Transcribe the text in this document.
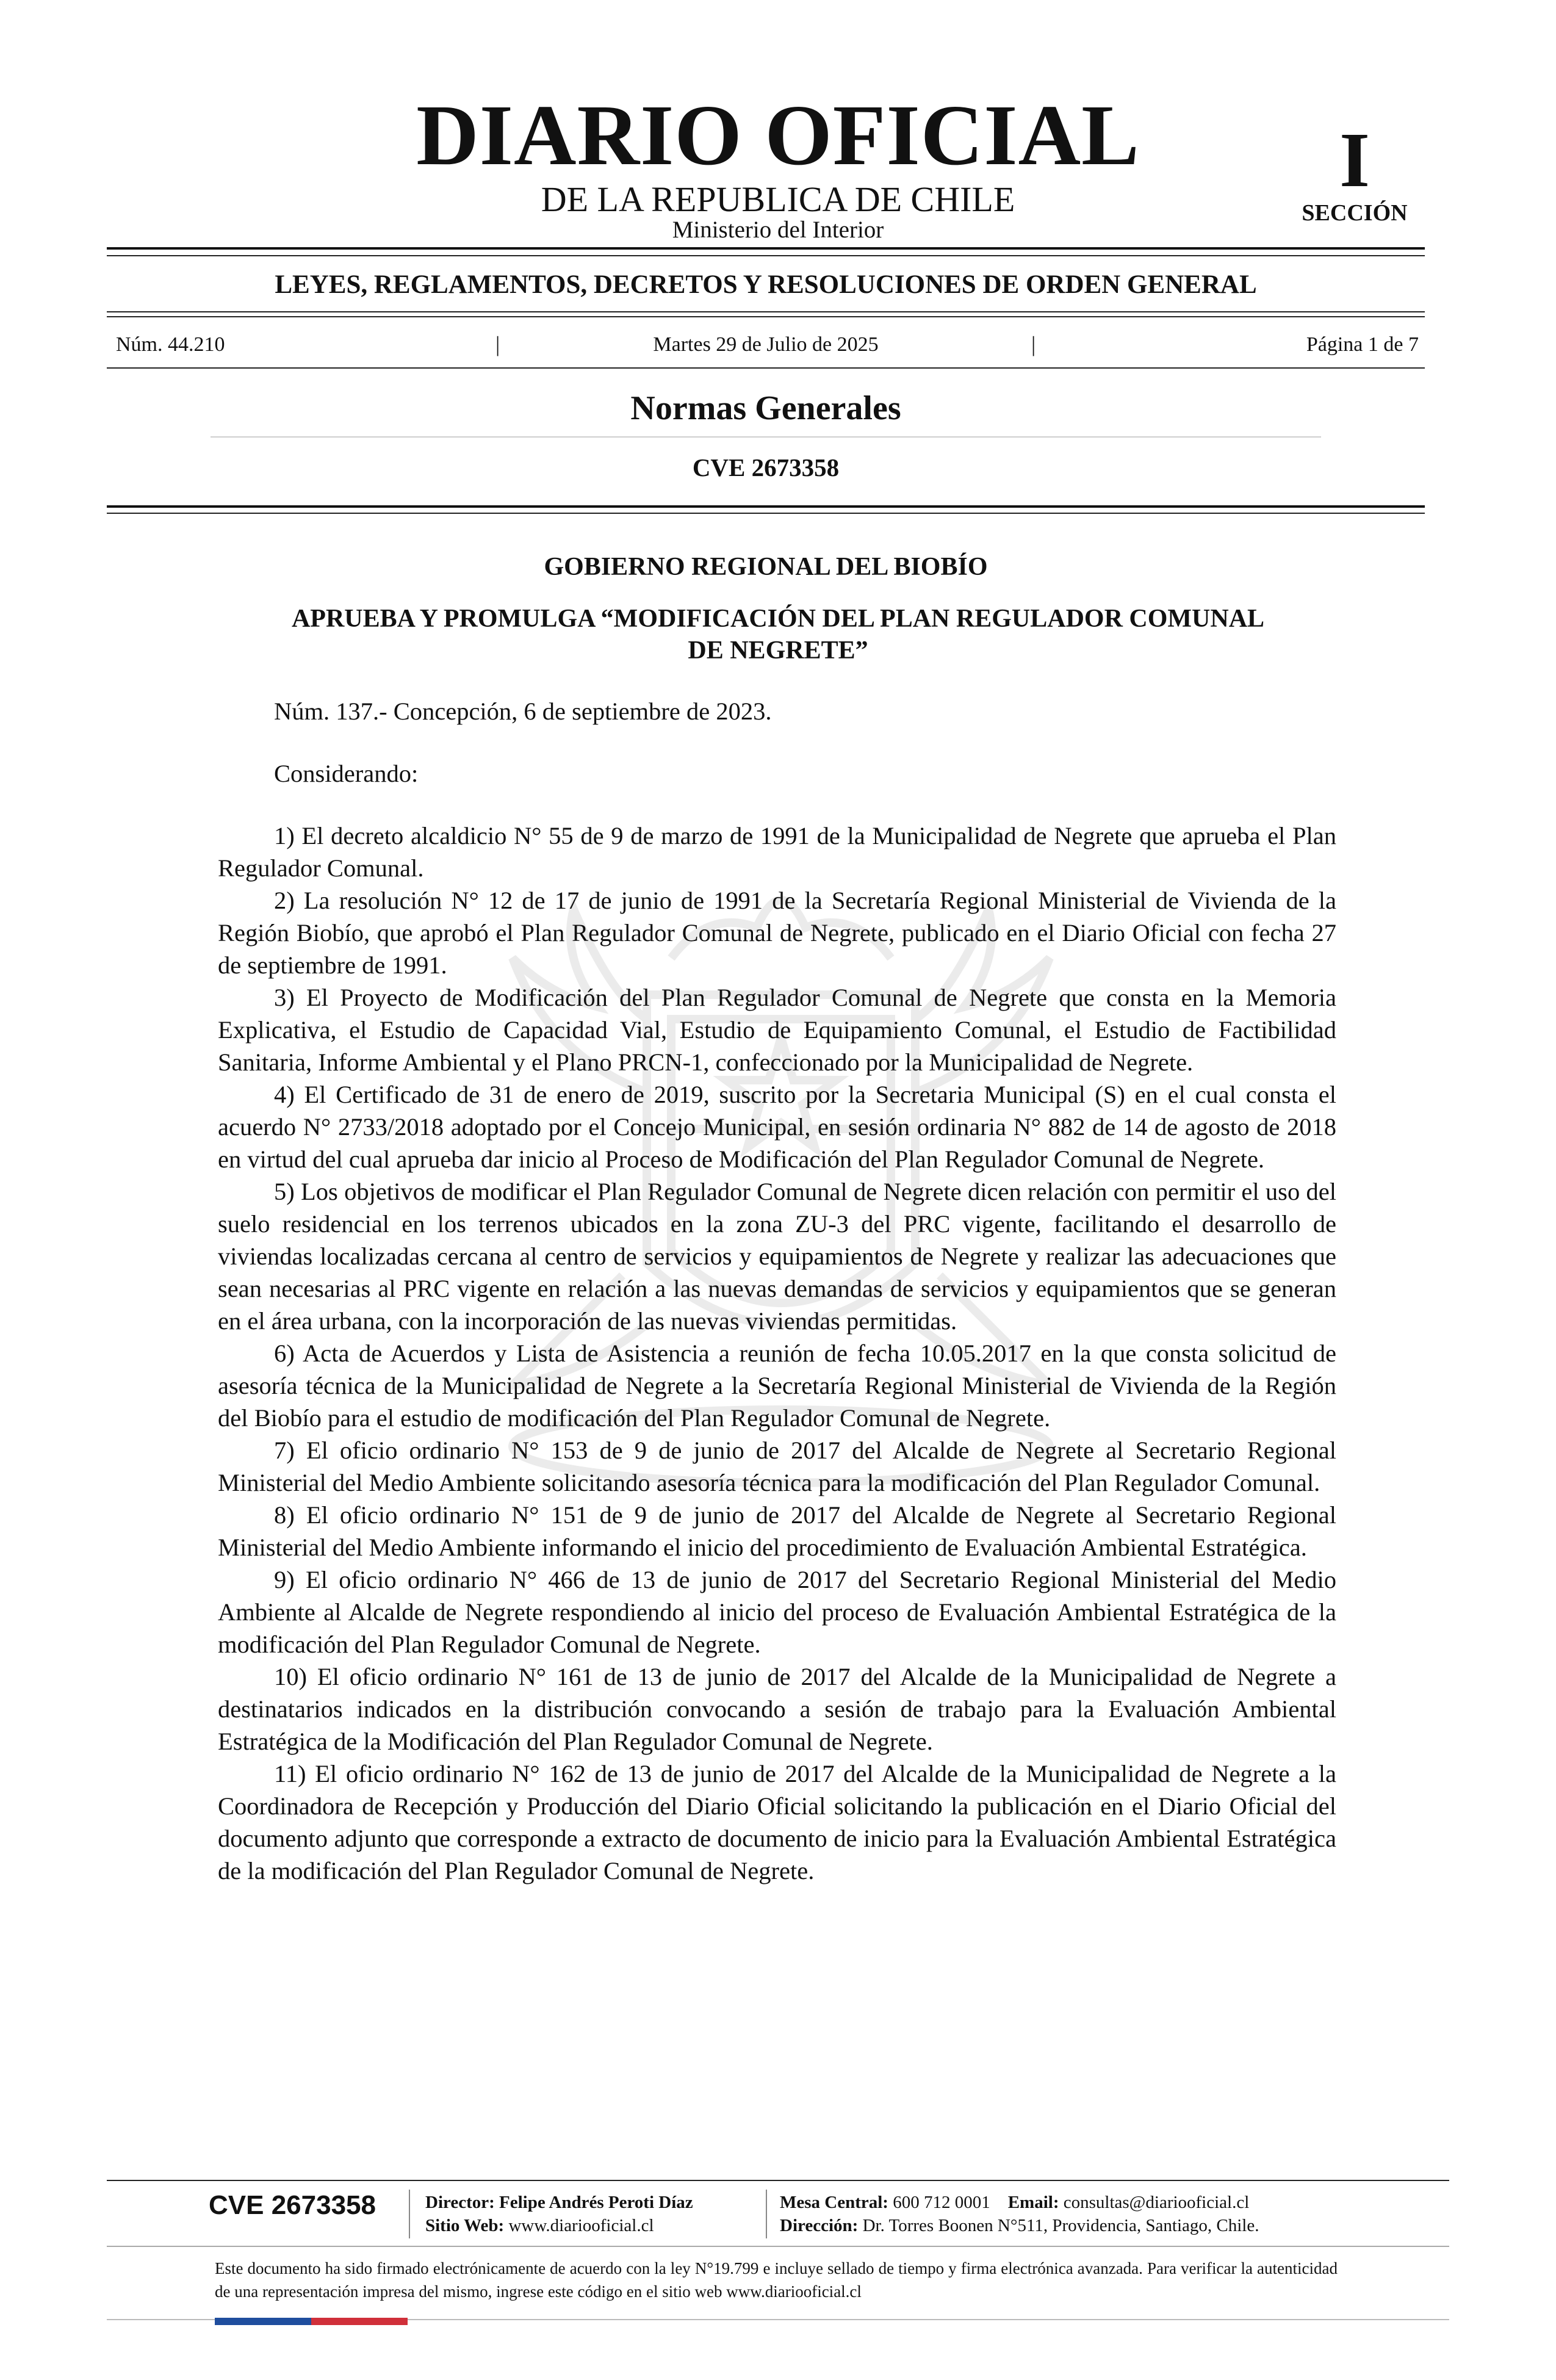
DIARIO OFICIAL
DE LA REPUBLICA DE CHILE
Ministerio del Interior
I
SECCIÓN
LEYES, REGLAMENTOS, DECRETOS Y RESOLUCIONES DE ORDEN GENERAL
Núm. 44.210	|	Martes 29 de Julio de 2025	|	Página 1 de 7
Normas Generales
CVE 2673358
GOBIERNO REGIONAL DEL BIOBÍO
APRUEBA Y PROMULGA “MODIFICACIÓN DEL PLAN REGULADOR COMUNAL
DE NEGRETE”
Núm. 137.- Concepción, 6 de septiembre de 2023.
Considerando:

1) El decreto alcaldicio N° 55 de 9 de marzo de 1991 de la Municipalidad de Negrete que aprueba el Plan Regulador Comunal.

2) La resolución N° 12 de 17 de junio de 1991 de la Secretaría Regional Ministerial de Vivienda de la Región Biobío, que aprobó el Plan Regulador Comunal de Negrete, publicado en el Diario Oficial con fecha 27 de septiembre de 1991.

3) El Proyecto de Modificación del Plan Regulador Comunal de Negrete que consta en la Memoria Explicativa, el Estudio de Capacidad Vial, Estudio de Equipamiento Comunal, el Estudio de Factibilidad Sanitaria, Informe Ambiental y el Plano PRCN-1, confeccionado por la Municipalidad de Negrete.

4) El Certificado de 31 de enero de 2019, suscrito por la Secretaria Municipal (S) en el cual consta el acuerdo N° 2733/2018 adoptado por el Concejo Municipal, en sesión ordinaria N° 882 de 14 de agosto de 2018 en virtud del cual aprueba dar inicio al Proceso de Modificación del Plan Regulador Comunal de Negrete.

5) Los objetivos de modificar el Plan Regulador Comunal de Negrete dicen relación con permitir el uso del suelo residencial en los terrenos ubicados en la zona ZU-3 del PRC vigente, facilitando el desarrollo de viviendas localizadas cercana al centro de servicios y equipamientos de Negrete y realizar las adecuaciones que sean necesarias al PRC vigente en relación a las nuevas demandas de servicios y equipamientos que se generan en el área urbana, con la incorporación de las nuevas viviendas permitidas.

6) Acta de Acuerdos y Lista de Asistencia a reunión de fecha 10.05.2017 en la que consta solicitud de asesoría técnica de la Municipalidad de Negrete a la Secretaría Regional Ministerial de Vivienda de la Región del Biobío para el estudio de modificación del Plan Regulador Comunal de Negrete.

7) El oficio ordinario N° 153 de 9 de junio de 2017 del Alcalde de Negrete al Secretario Regional Ministerial del Medio Ambiente solicitando asesoría técnica para la modificación del Plan Regulador Comunal.

8) El oficio ordinario N° 151 de 9 de junio de 2017 del Alcalde de Negrete al Secretario Regional Ministerial del Medio Ambiente informando el inicio del procedimiento de Evaluación Ambiental Estratégica.

9) El oficio ordinario N° 466 de 13 de junio de 2017 del Secretario Regional Ministerial del Medio Ambiente al Alcalde de Negrete respondiendo al inicio del proceso de Evaluación Ambiental Estratégica de la modificación del Plan Regulador Comunal de Negrete.

10) El oficio ordinario N° 161 de 13 de junio de 2017 del Alcalde de la Municipalidad de Negrete a destinatarios indicados en la distribución convocando a sesión de trabajo para la Evaluación Ambiental Estratégica de la Modificación del Plan Regulador Comunal de Negrete.

11) El oficio ordinario N° 162 de 13 de junio de 2017 del Alcalde de la Municipalidad de Negrete a la Coordinadora de Recepción y Producción del Diario Oficial solicitando la publicación en el Diario Oficial del documento adjunto que corresponde a extracto de documento de inicio para la Evaluación Ambiental Estratégica de la modificación del Plan Regulador Comunal de Negrete.

CVE 2673358	Director: Felipe Andrés Peroti Díaz
Sitio Web: www.diariooficial.cl
Mesa Central: 600 712 0001 Email: consultas@diariooficial.cl
Dirección: Dr. Torres Boonen N°511, Providencia, Santiago, Chile.
Este documento ha sido firmado electrónicamente de acuerdo con la ley N°19.799 e incluye sellado de tiempo y firma electrónica avanzada. Para verificar la autenticidad de una representación impresa del mismo, ingrese este código en el sitio web www.diariooficial.cl
